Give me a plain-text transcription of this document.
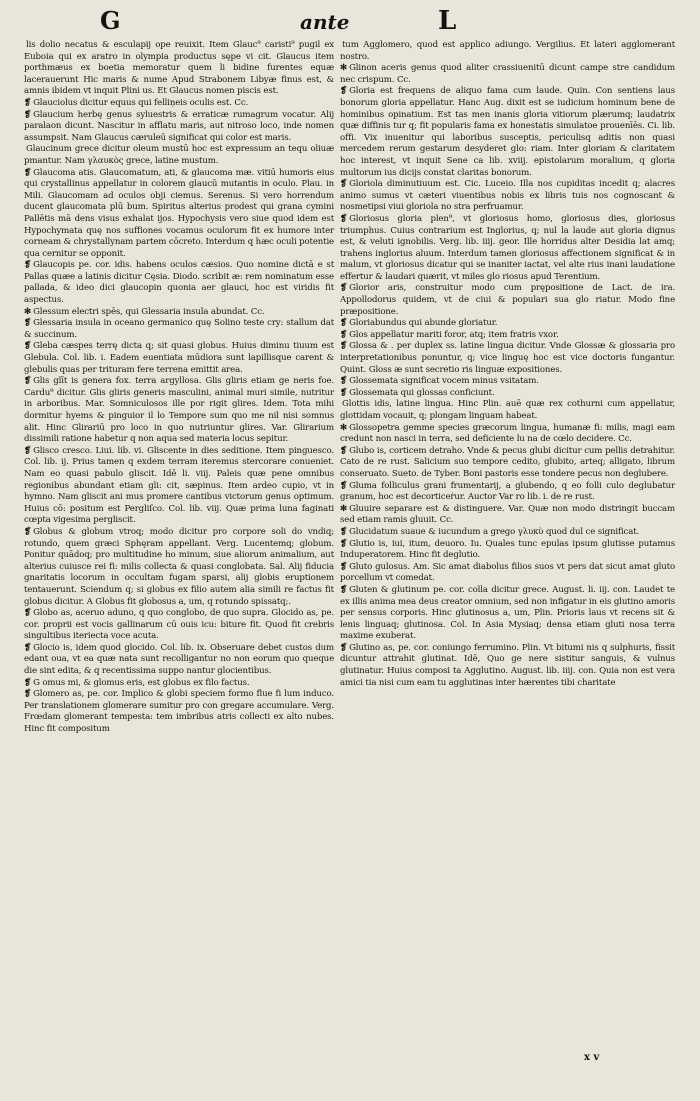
G	ante	L

lis dolio necatus & esculapij ope reuixit. Item Glauc⁹ caristi⁹ pugil ex Euboia qui ex aratro in olympia productus sępe vi cit. Glaucus item porthmæus ex boetia memoratur quem li bidine furentes equæ lacerauerunt Hic maris & nume Apud Strabonem Libyæ finus est, & amnis ibidem vt inquit Plini us. Et Glaucus nomen piscis est.

❡ Glauciolus dicitur equus qui felliņeis oculis est. Cc.

❡ Glaucium herbę genus syluestris & erraticæ rumagrum vocatur. Alij paralaon dicunt. Nascitur in afflatu maris, aut nitroso loco, inde nomen assumpsit. Nam Glaucus cæruleū significat qui color est maris.

Glaucinum grece dicitur oleum mustū hoc est expressum an tequ oliuæ pmantur. Nam γλαυκὸς grece, latine mustum.

❡ Glaucoma atis. Glaucomatum, ati, & glaucoma mæ. vitiū humoris eius qui crystallinus appellatur in colorem glaucū mutantis in oculo. Plau. in Mili. Glaucomam ad oculos obji ciemus. Serenus. Si vero horrendum ducent glaucomata plū bum. Spiritus alterius prodest qui grana cymini Pallētis mā dens visus exhalat ijos. Hypochysis vero siue quod idem est Hypochymata quę nos suffiones vocamus oculorum fit ex humore inter corneam & chrystallynam partem cōcreto. Interdum q hæc oculi potentie qua cernitur se opponit.

❡ Glaucopis pe. cor. idis. habens oculos cæsios. Quo nomine dictā e st Pallas quæe a latinis dicitur Cęsia. Diodo. scribit æ: rem nominatum esse pallada, & ideo dici glaucopin quonia aer glauci, hoc est viridis fit aspectus.

✻ Glessum electri spēs, qui Glessaria insula abundat. Cc.

❡ Glessaria insula in oceano germanico quę Solino teste cry: stallum dat & succinum.

❡ Gleba cæspes terrę dicta q; sit quasi globus. Huius diminu tiuum est Glebula. Col. lib. i. Eadem euentiata mūdiora sunt lapillisque carent & glebulis quas per trituram fere terrena emittit area.

❡ Glis glīt is genera fox. terra argyllosa. Glis gliris etiam ge neris foe. Cardu⁹ dicitur. Glis gliris generis masculini, animal muri simile, nutritur in arboribus. Mar. Somniculosos ille por rigit glires. Idem. Tota mihi dormitur hyems & pinguior il lo Tempore sum quo me nil nisi somnus alit. Hinc Glirariū pro loco in quo nutriuntur glires. Var. Glirarium dissimili ratione habetur q non aqua sed materia locus sepitur.

❡ Glisco cresco. Liui. lib. vi. Gliscente in dies seditione. Item pinguesco. Col. lib. ij. Prius tamen q exdem terram iteremus stercorare conueniet. Nam eo quasi pabulo gliscit. Idē li. viij. Paleis quæ pene omnibus regionibus abundant etiam gli: cit, sæpinus. Item ardeo cupio, vt in hymno. Nam gliscit ani mus promere cantibus victorum genus optimum. Huius cō: positum est Pergliſco. Col. lib. viij. Quæ prima luna faginati cœpta vigesima pergliscit.

❡ Globus & globum vtroq; modo dicitur pro corpore soli do vndiq; rotundo, quem græci Sphęram appellant. Verg. Lucentemq; globum. Ponitur quādoq; pro multitudine ho minum, siue aliorum animalium, aut alterius cuiusce rei fi: milis collecta & quasi conglobata. Sal. Alij fiducia gnaritatis locorum in occultam fugam sparsi, alij globis eruptionem tentauerunt. Sciendum q; si globus ex filio autem alia simili re factus fit globus dicitur. A Globus fit globosus a, um, q rotundo spissatq;.

❡ Globo as, aceruo aduno, q quo conglobo, de quo supra. Glocido as, pe. cor. proprii est vocis gallinarum cū ouis icu: biture fit. Quod fit crebris singultibus iteriecta voce acuta.

❡ Glocio is, idem quod glocido. Col. lib. ix. Obseruare debet custos dum edant oua, vt ea quæ nata sunt recolligantur no non eorum quo queque die sint edita, & q recentissima suppo nantur glocientibus.

❡ G omus mi, & glomus eris, est globus ex filo factus.

❡ Glomero as, pe. cor. Implico & globi speciem formo flue fi lum induco. Per translationem glomerare sumitur pro con gregare accumulare. Verg. Frœdam glomerant tempesta: tem imbribus atris collecti ex alto nubes. Hinc fit compositum

tum Agglomero, quod est applico adiungo. Vergilius. Et lateri agglomerant nostro.

✻ Glinon aceris genus quod aliter crassiuenitū dicunt campe stre candidum nec crispum. Cc.

❡ Gloria est frequens de aliquo fama cum laude. Quin. Con sentiens laus bonorum gloria appellatur. Hanc Aug. dixit est se iudicium hominum bene de hominibus opinatium. Est tas men inanis gloria vitiorum plærumq; laudatrix quæ diffinis tur q; fit popularis fama ex honestatis simulatoe prouenīēs. Ci. lib. offi. Vix inuenitur qui laboribus susceptis, periculisq aditis non quasi mercedem rerum gestarum desyderet glo: riam. Inter gloriam & claritatem hoc interest, vt inquit Sene ca lib. xviij. epistolarum moralium, q gloria multorum ius dicijs constat claritas bonorum.

❡ Gloriola diminutiuum est. Cic. Luceio. Illa nos cupiditas incedit q; alacres animo sumus vt cæteri viuentibus nobis ex libris tuis nos cognoscant & nosmetipsi viui gloriola no stra perfruamur.

❡ Gloriosus gloria plen⁹, vt gloriosus homo, gloriosus dies, gloriosus triumphus. Cuius contrarium est Inglorius, q; nul la laude aut gloria dignus est, & veluti ignobilis. Verg. lib. iiij. geor. Ille horridus alter Desidia lat amq; trahens inglorius aluum. Interdum tamen gloriosus affectionem significat & in malum, vt gloriosus dicatur qui se inaniter iactat, vel alte rius inani laudatione effertur & laudari quærit, vt miles glo riosus apud Terentium.

❡ Glorior aris, construitur modo cum prępositione de Lact. de ira. Appollodorus quidem, vt de ciui & populari sua glo riatur. Modo fine præpositione.

❡ Gloriabundus qui abunde gloriatur.

❡ Glos appellatur mariti foror, atq; item fratris vxor.

❡ Glossa & . per duplex ss. latine lingua dicitur. Vnde Glossæ & glossaria pro interpretationibus ponuntur, q; vice linguę hoc est vice doctoris fungantur. Quint. Gloss æ sunt secretio ris linguæ expositiones.

❡ Glossemata significat vocem minus vsitatam.

❡ Glossemata qui glossas conficiunt.

Glottis idis, latine lingua. Hinc Plin. auē quæ rex cothurni cum appellatur, glottidam vocauit, q; plongam linguam habeat.

✻ Glossopetra gemme species græcorum lingua, humanæ fi: milis, magi eam credunt non nasci in terra, sed deficiente lu na de cœlo decidere. Cc.

❡ Glubo is, corticem detraho. Vnde & pecus glubi dicitur cum pellis detrahitur. Cato de re rust. Salicium suo tempore cedito, glubito, arteq; alligato, librum conseruato. Sueto. de Tyber. Boni pastoris esse tondere pecus non deglubere.

❡ Gluma folliculus grani frumentarij, a glubendo, q eo folli culo deglubatur granum, hoc est decorticeṙur. Auctor Var ro lib. i. de re rust.

✻ Gluuire separare est & distinguere. Var. Quæ non modo distringit buccam sed etiam ramis gluuit. Cc.

❡ Glucidatum suaue & iucundum a grego γλυκὺ quod dul ce significat.

❡ Glutio is, iui, itum, deuoro. Iu. Quales tunc epulas ipsum glutisse putamus Induperatorem. Hinc fit deglutio.

❡ Gluto gulosus. Am. Sic amat diabolus filios suos vt pers dat sicut amat gluto porcellum vt comedat.

❡ Gluten & glutinum pe. cor. colla dicitur grece. August. li. iij. con. Laudet te ex illis anima mea deus creator omnium, sed non infigatur in eis glutino amoris per sensus corporis. Hinc glutinosus a, um, Plin. Prioris laus vt recens sit & lenis linguaq; glutinosa. Col. In Asia Mysiaq; densa etiam gluti nosa terra maxime exuberat.

❡ Glutino as, pe. cor. coniungo ferrumino. Plin. Vt bitumi nis q sulphuris, fissit dicuntur attrahit glutinat. Idē, Quo ge nere sistitur sanguis, & vulnus glutinatur. Huius composi ta Agglutino. August. lib. iiij. con. Quia non est vera amici tia nisi cum eam tu agglutinas inter hærentes tibi charitate

x v
